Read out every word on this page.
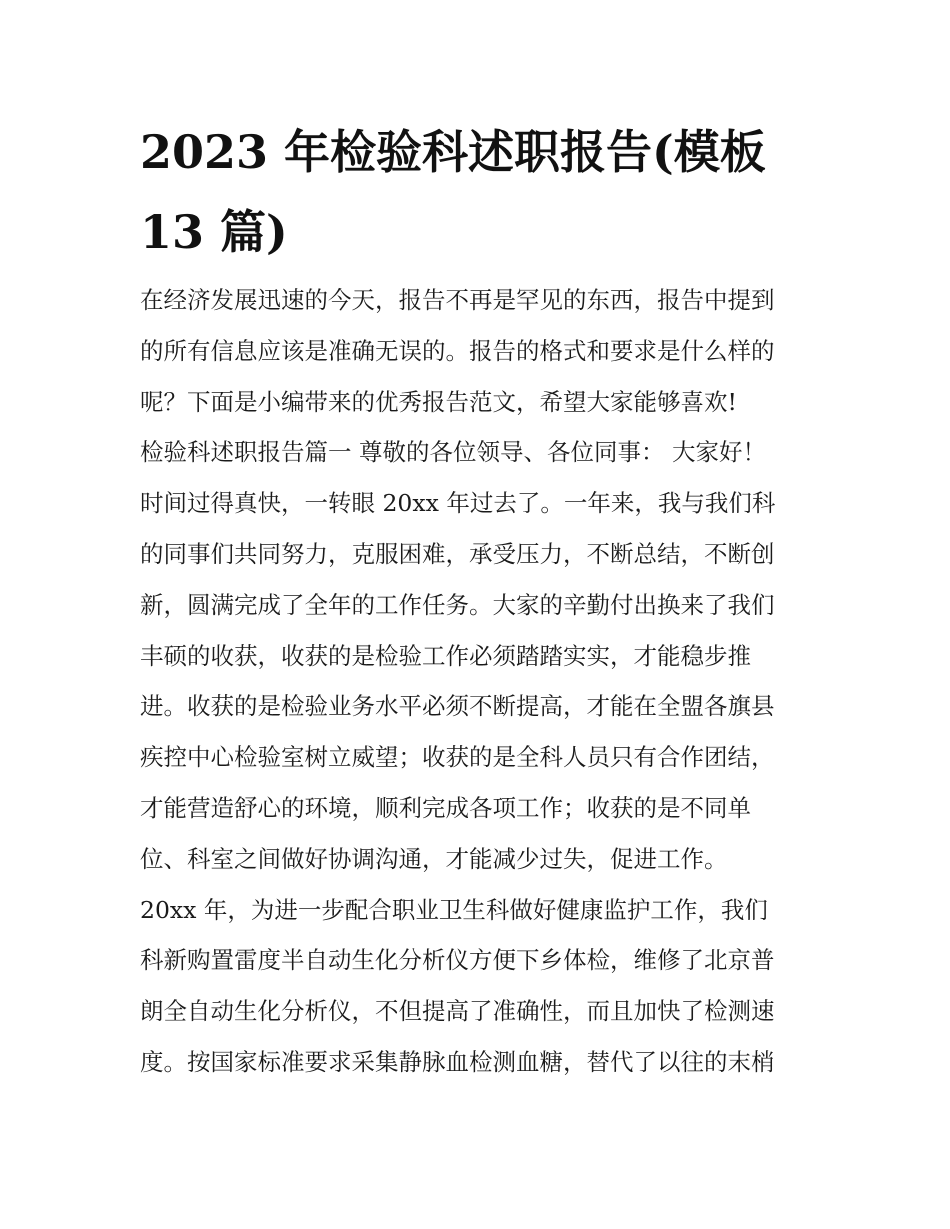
2023 年检验科述职报告(模板
13 篇)
在经济发展迅速的今天，报告不再是罕见的东西，报告中提到
的所有信息应该是准确无误的。报告的格式和要求是什么样的
呢？下面是小编带来的优秀报告范文，希望大家能够喜欢!
检验科述职报告篇一 尊敬的各位领导、各位同事： 大家好！
时间过得真快，一转眼 20xx 年过去了。一年来，我与我们科
的同事们共同努力，克服困难，承受压力，不断总结，不断创
新，圆满完成了全年的工作任务。大家的辛勤付出换来了我们
丰硕的收获，收获的是检验工作必须踏踏实实，才能稳步推
进。收获的是检验业务水平必须不断提高，才能在全盟各旗县
疾控中心检验室树立威望；收获的是全科人员只有合作团结，
才能营造舒心的环境，顺利完成各项工作；收获的是不同单
位、科室之间做好协调沟通，才能减少过失，促进工作。
20xx 年，为进一步配合职业卫生科做好健康监护工作，我们
科新购置雷度半自动生化分析仪方便下乡体检，维修了北京普
朗全自动生化分析仪，不但提高了准确性，而且加快了检测速
度。按国家标准要求采集静脉血检测血糖，替代了以往的末梢
